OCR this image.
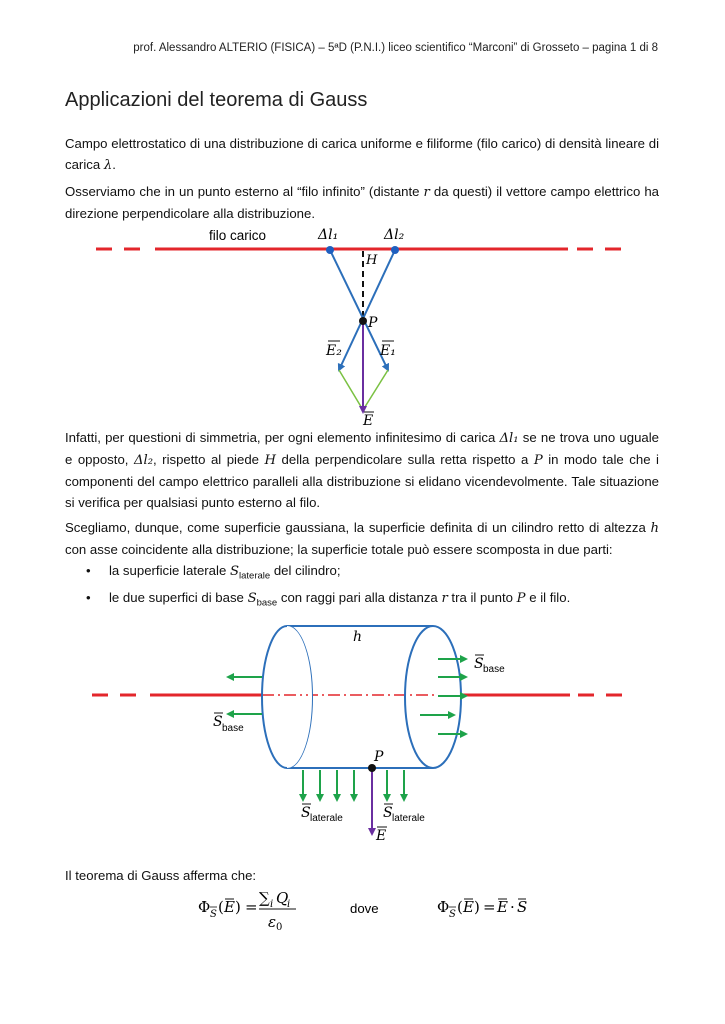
prof. Alessandro ALTERIO (FISICA) – 5ªD (P.N.I.) liceo scientifico “Marconi” di Grosseto – pagina 1 di 8
Applicazioni del teorema di Gauss

Campo elettrostatico di una distribuzione di carica uniforme e filiforme (filo carico) di densità lineare di carica λ.

Osserviamo che in un punto esterno al “filo infinito” (distante r da questi) il vettore campo elettrico ha direzione perpendicolare alla distribuzione.

filo carico	Δl₁	Δl₂
H
P
E₂	E₁
E

Infatti, per questioni di simmetria, per ogni elemento infinitesimo di carica Δl₁ se ne trova uno uguale e opposto, Δl₂, rispetto al piede H della perpendicolare sulla retta rispetto a P in modo tale che i componenti del campo elettrico paralleli alla distribuzione si elidano vicendevolmente. Tale situazione si verifica per qualsiasi punto esterno al filo.

Scegliamo, dunque, come superficie gaussiana, la superficie definita di un cilindro retto di altezza h con asse coincidente alla distribuzione; la superficie totale può essere scomposta in due parti:

• la superficie laterale $S_{laterale}$ del cilindro;
• le due superfici di base $S_{base}$ con raggi pari alla distanza r tra il punto P e il filo.
h
P
S base
S base
S laterale	S laterale
E
Il teorema di Gauss afferma che:
Φ S ( E ) = ∑ i Q
i
ε 0
dove	Φ S ( E ) = E · S
